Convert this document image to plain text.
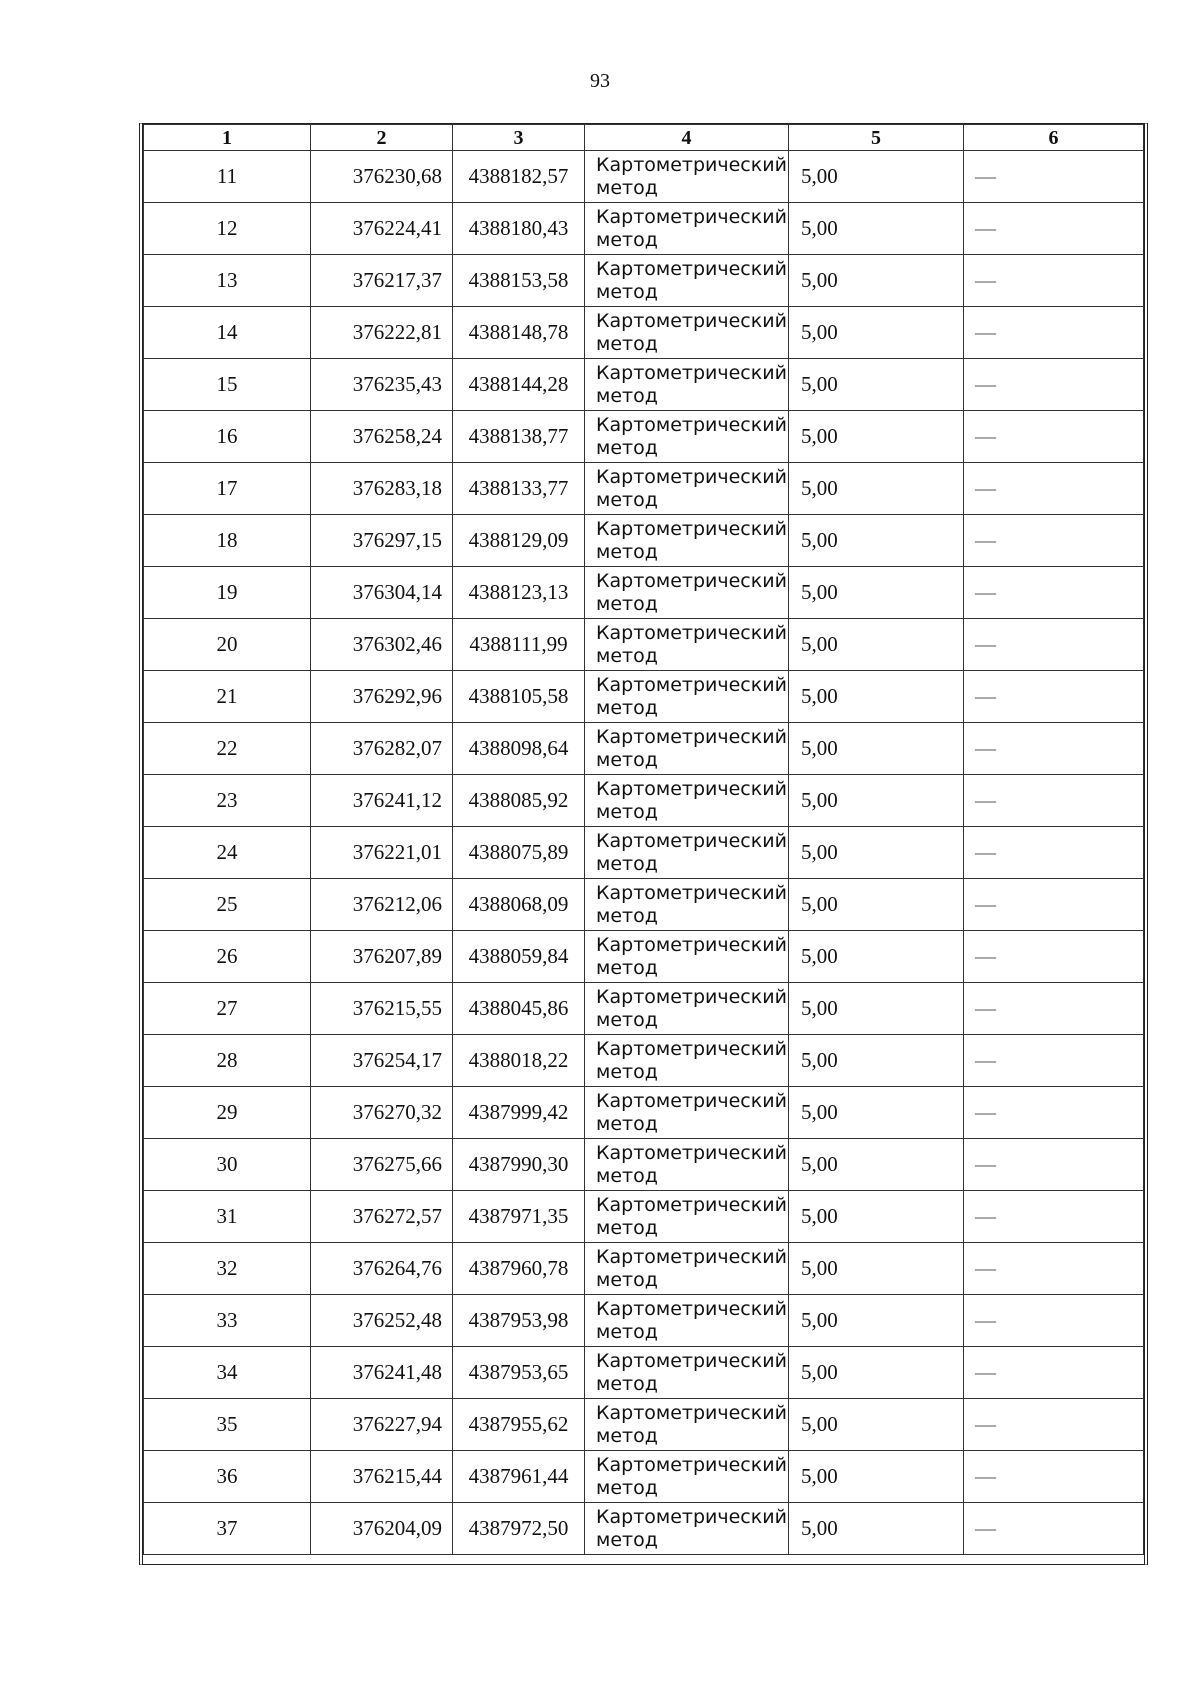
93
1	2	3	4	5	6
11	376230,68	4388182,57	Картометрический метод	5,00	—
12	376224,41	4388180,43	Картометрический метод	5,00	—
13	376217,37	4388153,58	Картометрический метод	5,00	—
14	376222,81	4388148,78	Картометрический метод	5,00	—
15	376235,43	4388144,28	Картометрический метод	5,00	—
16	376258,24	4388138,77	Картометрический метод	5,00	—
17	376283,18	4388133,77	Картометрический метод	5,00	—
18	376297,15	4388129,09	Картометрический метод	5,00	—
19	376304,14	4388123,13	Картометрический метод	5,00	—
20	376302,46	4388111,99	Картометрический метод	5,00	—
21	376292,96	4388105,58	Картометрический метод	5,00	—
22	376282,07	4388098,64	Картометрический метод	5,00	—
23	376241,12	4388085,92	Картометрический метод	5,00	—
24	376221,01	4388075,89	Картометрический метод	5,00	—
25	376212,06	4388068,09	Картометрический метод	5,00	—
26	376207,89	4388059,84	Картометрический метод	5,00	—
27	376215,55	4388045,86	Картометрический метод	5,00	—
28	376254,17	4388018,22	Картометрический метод	5,00	—
29	376270,32	4387999,42	Картометрический метод	5,00	—
30	376275,66	4387990,30	Картометрический метод	5,00	—
31	376272,57	4387971,35	Картометрический метод	5,00	—
32	376264,76	4387960,78	Картометрический метод	5,00	—
33	376252,48	4387953,98	Картометрический метод	5,00	—
34	376241,48	4387953,65	Картометрический метод	5,00	—
35	376227,94	4387955,62	Картометрический метод	5,00	—
36	376215,44	4387961,44	Картометрический метод	5,00	—
37	376204,09	4387972,50	Картометрический метод	5,00	—
